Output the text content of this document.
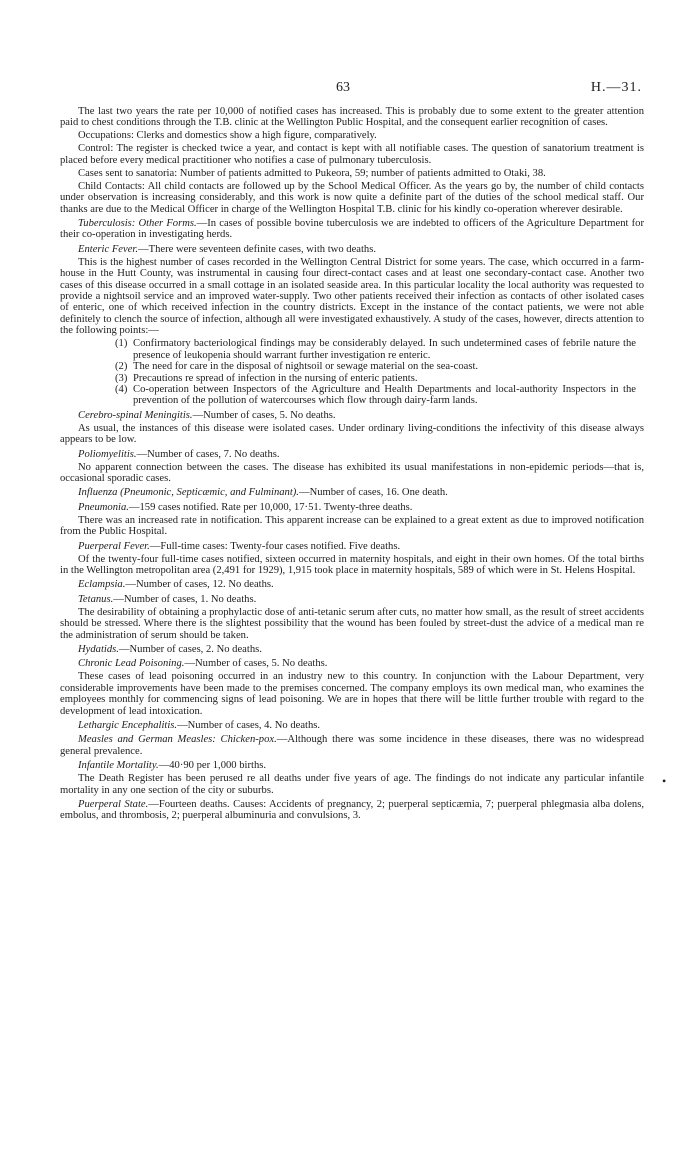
63	H.—31.

The last two years the rate per 10,000 of notified cases has increased. This is probably due to some extent to the greater attention paid to chest conditions through the T.B. clinic at the Wellington Public Hospital, and the consequent earlier recognition of cases.

Occupations: Clerks and domestics show a high figure, comparatively.

Control: The register is checked twice a year, and contact is kept with all notifiable cases. The question of sanatorium treatment is placed before every medical practitioner who notifies a case of pulmonary tuberculosis.

Cases sent to sanatoria: Number of patients admitted to Pukeora, 59; number of patients admitted to Otaki, 38.

Child Contacts: All child contacts are followed up by the School Medical Officer. As the years go by, the number of child contacts under observation is increasing considerably, and this work is now quite a definite part of the duties of the school medical staff. Our thanks are due to the Medical Officer in charge of the Wellington Hospital T.B. clinic for his kindly co-operation wherever desirable.

Tuberculosis: Other Forms.—In cases of possible bovine tuberculosis we are indebted to officers of the Agriculture Department for their co-operation in investigating herds.

Enteric Fever.—There were seventeen definite cases, with two deaths.

This is the highest number of cases recorded in the Wellington Central District for some years. The case, which occurred in a farm-house in the Hutt County, was instrumental in causing four direct-contact cases and at least one secondary-contact case. Another two cases of this disease occurred in a small cottage in an isolated seaside area. In this particular locality the local authority was requested to provide a nightsoil service and an improved water-supply. Two other patients received their infection as contacts of other isolated cases of enteric, one of which received infection in the country districts. Except in the instance of the contact patients, we were not able definitely to clench the source of infection, although all were investigated exhaustively. A study of the cases, however, directs attention to the following points:—

(1) Confirmatory bacteriological findings may be considerably delayed. In such undetermined cases of febrile nature the presence of leukopenia should warrant further investigation re enteric.
(2) The need for care in the disposal of nightsoil or sewage material on the sea-coast.
(3) Precautions re spread of infection in the nursing of enteric patients.
(4) Co-operation between Inspectors of the Agriculture and Health Departments and local-authority Inspectors in the prevention of the pollution of watercourses which flow through dairy-farm lands.

Cerebro-spinal Meningitis.—Number of cases, 5. No deaths.

As usual, the instances of this disease were isolated cases. Under ordinary living-conditions the infectivity of this disease always appears to be low.

Poliomyelitis.—Number of cases, 7. No deaths.

No apparent connection between the cases. The disease has exhibited its usual manifestations in non-epidemic periods—that is, occasional sporadic cases.

Influenza (Pneumonic, Septicæmic, and Fulminant).—Number of cases, 16. One death.

Pneumonia.—159 cases notified. Rate per 10,000, 17·51. Twenty-three deaths.

There was an increased rate in notification. This apparent increase can be explained to a great extent as due to improved notification from the Public Hospital.

Puerperal Fever.—Full-time cases: Twenty-four cases notified. Five deaths.

Of the twenty-four full-time cases notified, sixteen occurred in maternity hospitals, and eight in their own homes. Of the total births in the Wellington metropolitan area (2,491 for 1929), 1,915 took place in maternity hospitals, 589 of which were in St. Helens Hospital.

Eclampsia.—Number of cases, 12. No deaths.

Tetanus.—Number of cases, 1. No deaths.

The desirability of obtaining a prophylactic dose of anti-tetanic serum after cuts, no matter how small, as the result of street accidents should be stressed. Where there is the slightest possibility that the wound has been fouled by street-dust the advice of a medical man re the administration of serum should be taken.

Hydatids.—Number of cases, 2. No deaths.

Chronic Lead Poisoning.—Number of cases, 5. No deaths.

These cases of lead poisoning occurred in an industry new to this country. In conjunction with the Labour Department, very considerable improvements have been made to the premises concerned. The company employs its own medical man, who examines the employees monthly for commencing signs of lead poisoning. We are in hopes that there will be little further trouble with regard to the development of lead intoxication.

Lethargic Encephalitis.—Number of cases, 4. No deaths.

Measles and German Measles: Chicken-pox.—Although there was some incidence in these diseases, there was no widespread general prevalence.

Infantile Mortality.—40·90 per 1,000 births.

The Death Register has been perused re all deaths under five years of age. The findings do not indicate any particular infantile mortality in any one section of the city or suburbs.

Puerperal State.—Fourteen deaths. Causes: Accidents of pregnancy, 2; puerperal septicæmia, 7; puerperal phlegmasia alba dolens, embolus, and thrombosis, 2; puerperal albuminuria and convulsions, 3.

•
